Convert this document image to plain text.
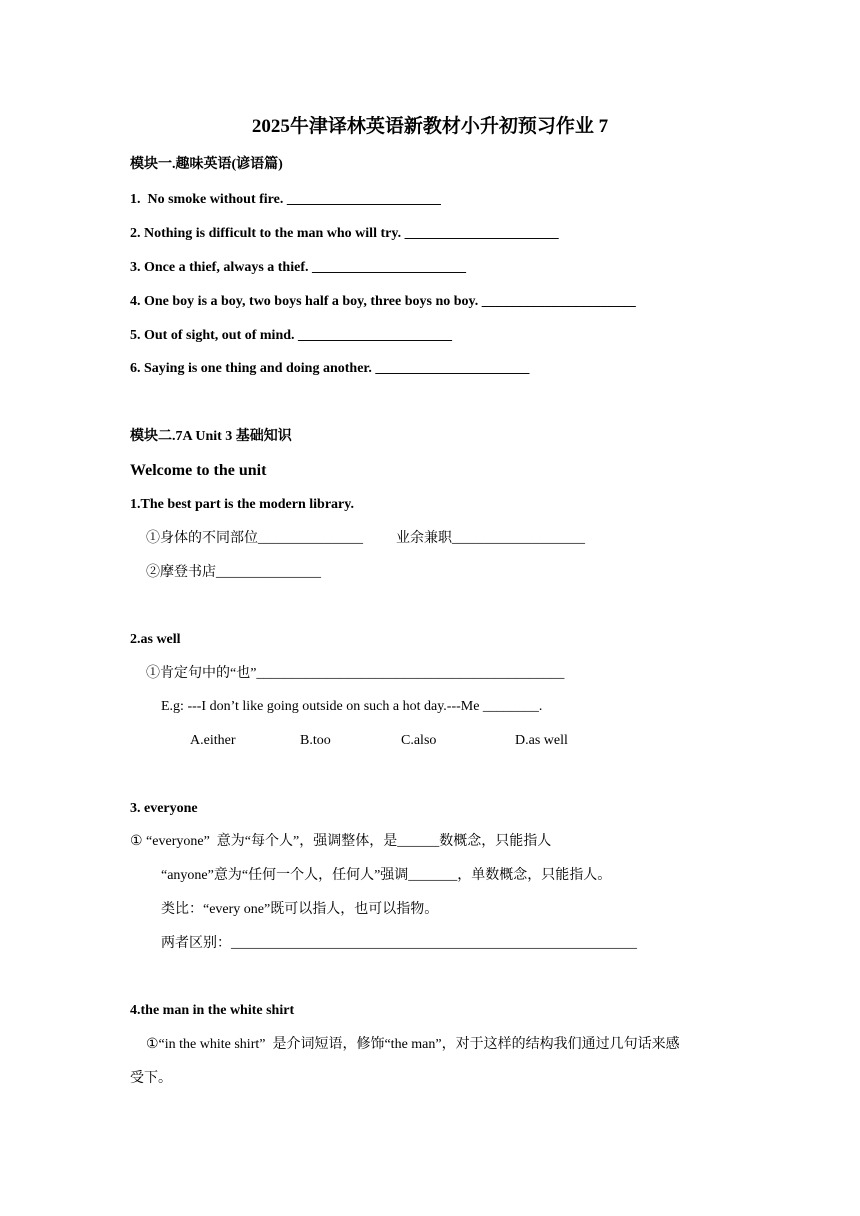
2025牛津译林英语新教材小升初预习作业 7
模块一.趣味英语(谚语篇)
1.  No smoke without fire. ______________________
2. Nothing is difficult to the man who will try. ______________________
3. Once a thief, always a thief. ______________________
4. One boy is a boy, two boys half a boy, three boys no boy. ______________________
5. Out of sight, out of mind. ______________________
6. Saying is one thing and doing another. ______________________
模块二.7A Unit 3 基础知识
Welcome to the unit
1.The best part is the modern library.
①身体的不同部位_______________ 业余兼职___________________
②摩登书店_______________
2.as well
①肯定句中的“也”____________________________________________
E.g: ---I don’t like going outside on such a hot day.---Me ________.
A.either	B.too	C.also	D.as well
3. everyone
① “everyone”  意为“每个人”，强调整体，是______数概念，只能指人
“anyone”意为“任何一个人，任何人”强调_______，单数概念，只能指人。
类比：“every one”既可以指人，也可以指物。
两者区别：__________________________________________________________
4.the man in the white shirt
①“in the white shirt”  是介词短语，修饰“the man”，对于这样的结构我们通过几句话来感
受下。
